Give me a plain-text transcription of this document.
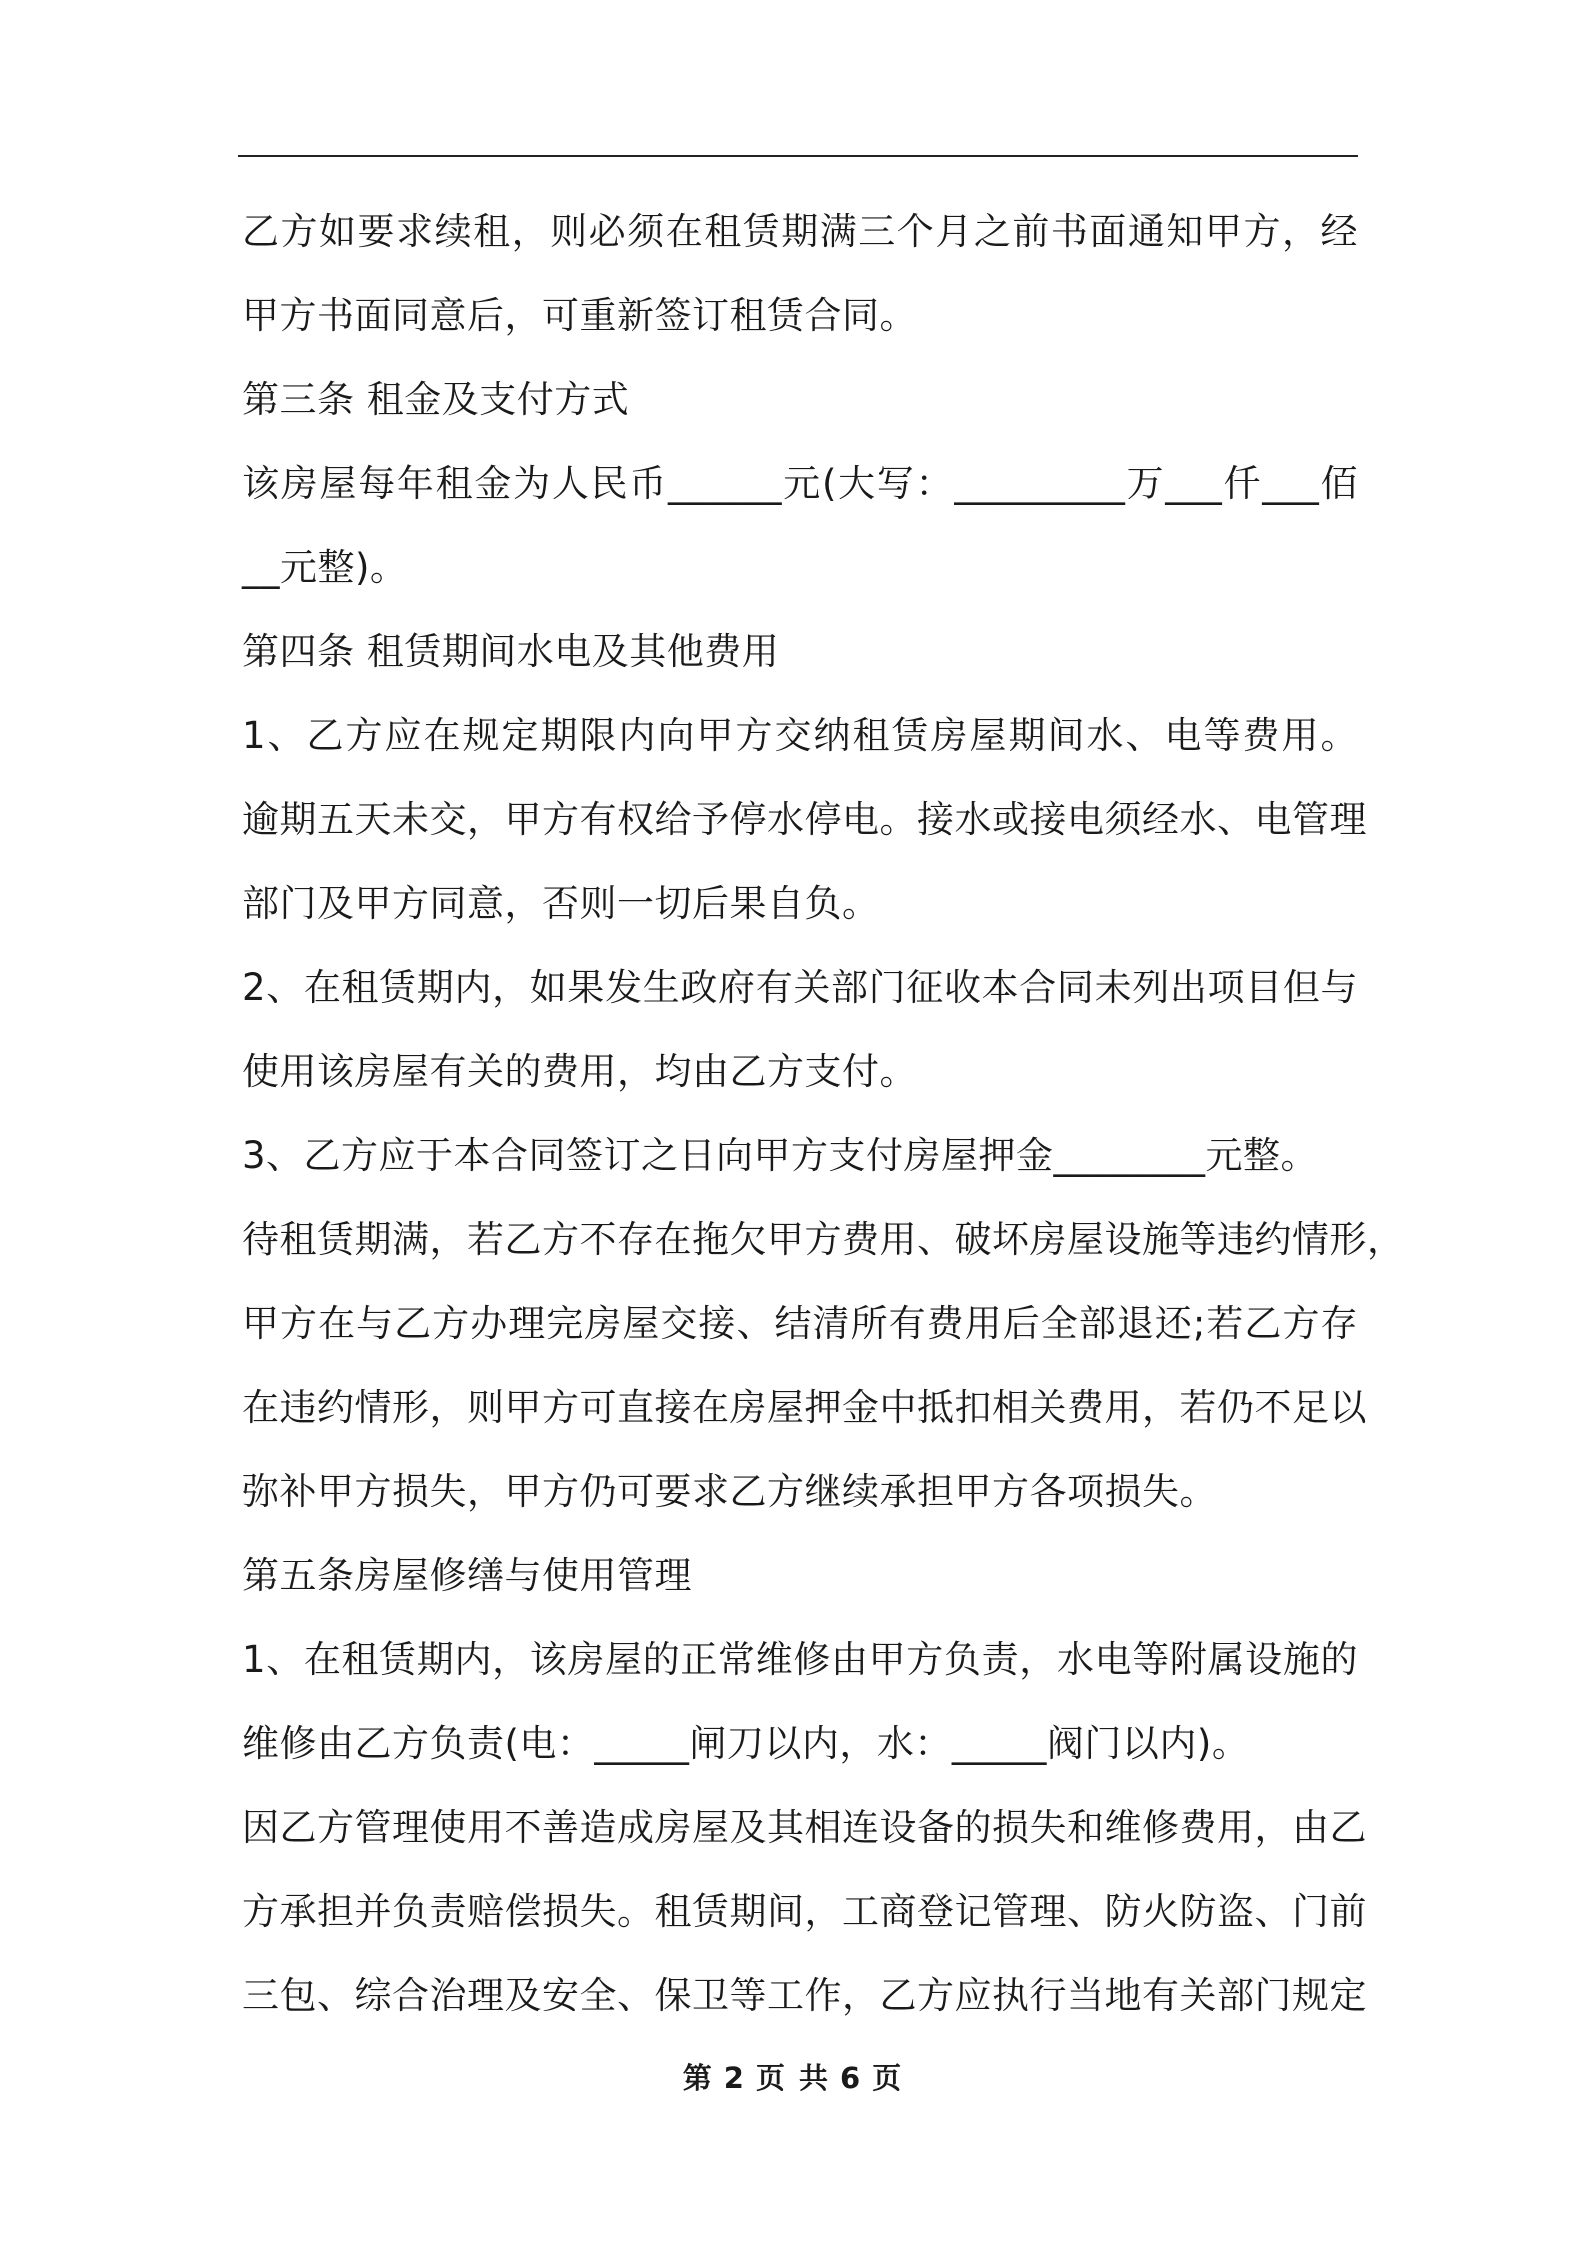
乙方如要求续租，则必须在租赁期满三个月之前书面通知甲方，经
甲方书面同意后，可重新签订租赁合同。
第三条 租金及支付方式
该房屋每年租金为人民币______元(大写：_________万___仟___佰
__元整)。
第四条 租赁期间水电及其他费用
1、乙方应在规定期限内向甲方交纳租赁房屋期间水、电等费用。
逾期五天未交，甲方有权给予停水停电。接水或接电须经水、电管理
部门及甲方同意，否则一切后果自负。
2、在租赁期内，如果发生政府有关部门征收本合同未列出项目但与
使用该房屋有关的费用，均由乙方支付。
3、乙方应于本合同签订之日向甲方支付房屋押金________元整。
待租赁期满，若乙方不存在拖欠甲方费用、破坏房屋设施等违约情形，
甲方在与乙方办理完房屋交接、结清所有费用后全部退还;若乙方存
在违约情形，则甲方可直接在房屋押金中抵扣相关费用，若仍不足以
弥补甲方损失，甲方仍可要求乙方继续承担甲方各项损失。
第五条房屋修缮与使用管理
1、在租赁期内，该房屋的正常维修由甲方负责，水电等附属设施的
维修由乙方负责(电：_____闸刀以内，水：_____阀门以内)。
因乙方管理使用不善造成房屋及其相连设备的损失和维修费用，由乙
方承担并负责赔偿损失。租赁期间，工商登记管理、防火防盗、门前
三包、综合治理及安全、保卫等工作，乙方应执行当地有关部门规定
第 2 页 共 6 页
